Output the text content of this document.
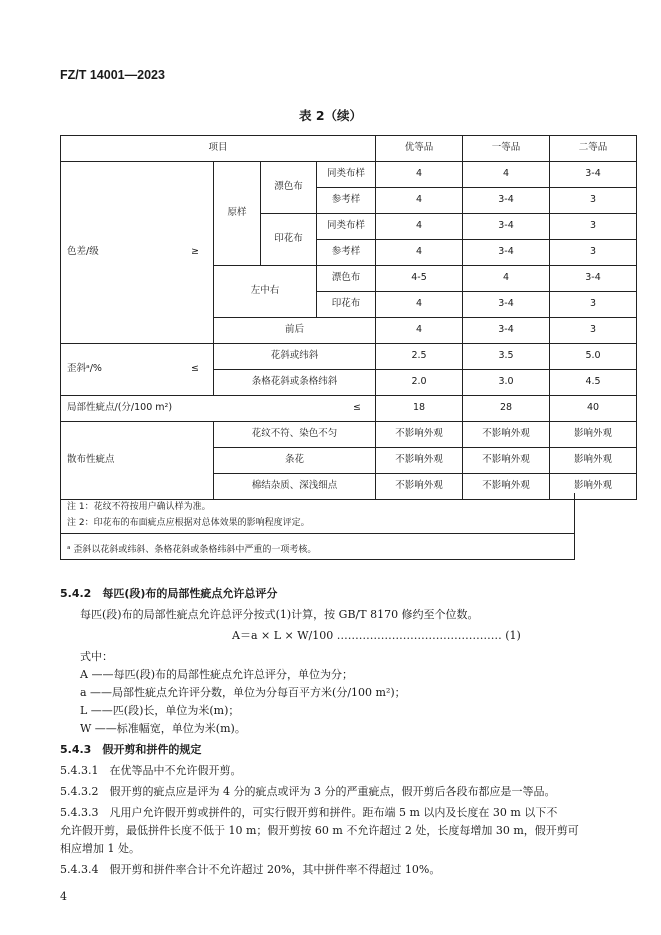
FZ/T 14001—2023
表 2（续）
项目					优等品	一等品	二等品
色差/级	≥	原样	漂色布	同类布样	4	4	3-4
				参考样	4	3-4	3
			印花布	同类布样	4	3-4	3
				参考样	4	3-4	3
		左中右		漂色布	4-5	4	3-4
				印花布	4	3-4	3
		前后			4	3-4	3
歪斜ᵃ/%	≤	花斜或纬斜			2.5	3.5	5.0
		条格花斜或条格纬斜			2.0	3.0	4.5
局部性疵点/(分/100 m²)				≤	18	28	40
散布性疵点		花纹不符、染色不匀			不影响外观	不影响外观	影响外观
		条花			不影响外观	不影响外观	影响外观
		棉结杂质、深浅细点			不影响外观	不影响外观	影响外观
注 1：花纹不符按用户确认样为准。
注 2：印花布的布面疵点应根据对总体效果的影响程度评定。
ᵃ 歪斜以花斜或纬斜、条格花斜或条格纬斜中严重的一项考核。
5.4.2　每匹(段)布的局部性疵点允许总评分
每匹(段)布的局部性疵点允许总评分按式(1)计算，按 GB/T 8170 修约至个位数。
A＝a × L × W/100 ……………………………………… (1)
式中：
A ——每匹(段)布的局部性疵点允许总评分，单位为分；
a ——局部性疵点允许评分数，单位为分每百平方米(分/100 m²)；
L ——匹(段)长，单位为米(m)；
W ——标准幅宽，单位为米(m)。
5.4.3　假开剪和拼件的规定
5.4.3.1　在优等品中不允许假开剪。
5.4.3.2　假开剪的疵点应是评为 4 分的疵点或评为 3 分的严重疵点，假开剪后各段布都应是一等品。
5.4.3.3　凡用户允许假开剪或拼件的，可实行假开剪和拼件。距布端 5 m 以内及长度在 30 m 以下不
允许假开剪，最低拼件长度不低于 10 m；假开剪按 60 m 不允许超过 2 处，长度每增加 30 m，假开剪可
相应增加 1 处。
5.4.3.4　假开剪和拼件率合计不允许超过 20%，其中拼件率不得超过 10%。
4
